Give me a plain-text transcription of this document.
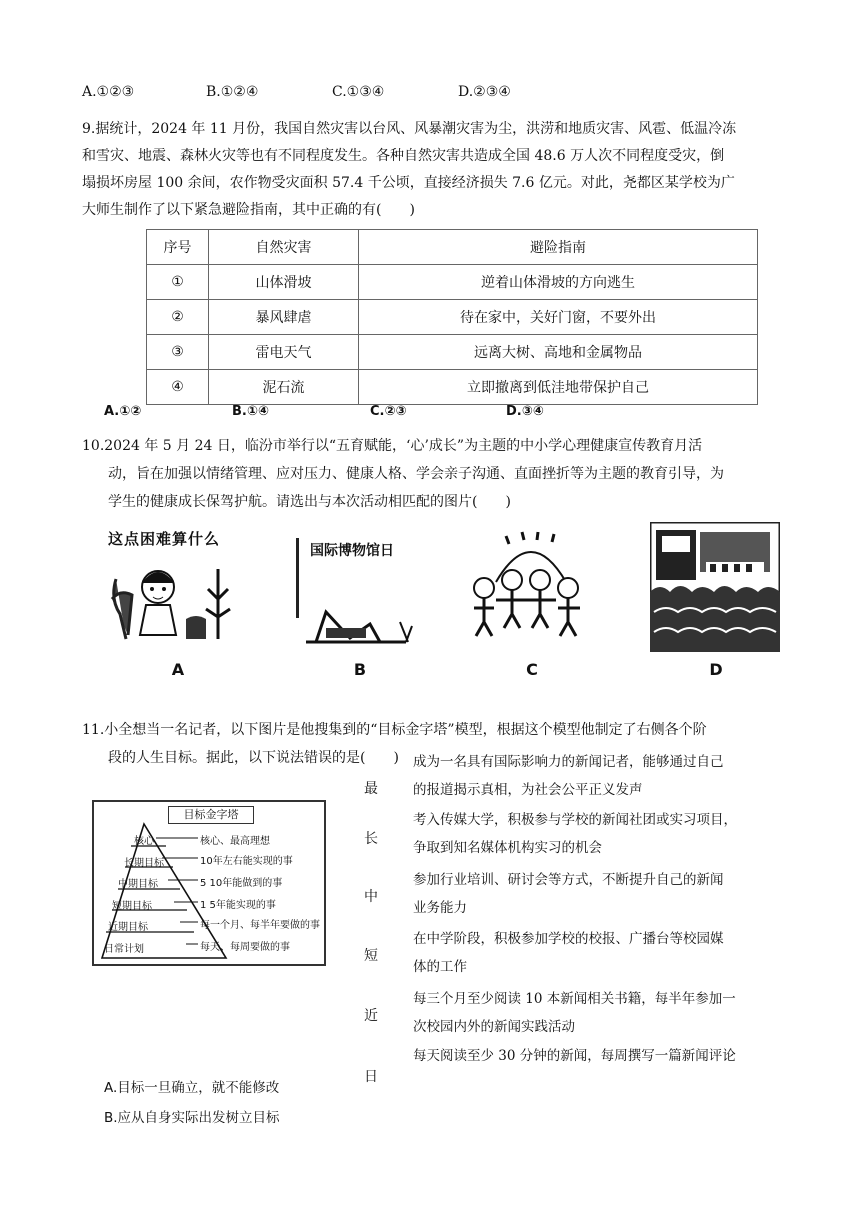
A.①②③	B.①②④	C.①③④	D.②③④
9.据统计，2024 年 11 月份，我国自然灾害以台风、风暴潮灾害为尘，洪涝和地质灾害、风雹、低温冷冻
和雪灾、地震、森林火灾等也有不同程度发生。各种自然灾害共造成全国 48.6 万人次不同程度受灾，倒
塌损坏房屋 100 余间，农作物受灾面积 57.4 千公顷，直接经济损失 7.6 亿元。对此，尧都区某学校为广
大师生制作了以下紧急避险指南，其中正确的有(　　)
序号	自然灾害	避险指南
①	山体滑坡	逆着山体滑坡的方向逃生
②	暴风肆虐	待在家中，关好门窗，不要外出
③	雷电天气	远离大树、高地和金属物品
④	泥石流	立即撤离到低洼地带保护自己
A.①②	B.①④	C.②③	D.③④
10.2024 年 5 月 24 日，临汾市举行以“五育赋能，‘心’成长”为主题的中小学心理健康宣传教育月活
动，旨在加强以情绪管理、应对压力、健康人格、学会亲子沟通、直面挫折等为主题的教育引导，为
学生的健康成长保驾护航。请选出与本次活动相匹配的图片(　　)
这点困难算什么
A
国际博物馆日
B	C	D
11.小全想当一名记者，以下图片是他搜集到的“目标金字塔”模型，根据这个模型他制定了右侧各个阶
段的人生目标。据此，以下说法错误的是(　　)
目标金字塔
核心
长期目标
中期目标
短期目标
近期目标
日常计划
核心、最高理想
10年左右能实现的事
5 10年能做到的事
1 5年能实现的事
每一个月、每半年要做的事
每天、每周要做的事
最
长
中
短
近
日
成为一名具有国际影响力的新闻记者，能够通过自己
的报道揭示真相，为社会公平正义发声
考入传媒大学，积极参与学校的新闻社团或实习项目，
争取到知名媒体机构实习的机会
参加行业培训、研讨会等方式，不断提升自己的新闻
业务能力
在中学阶段，积极参加学校的校报、广播台等校园媒
体的工作
每三个月至少阅读 10 本新闻相关书籍，每半年参加一
次校园内外的新闻实践活动
每天阅读至少 30 分钟的新闻，每周撰写一篇新闻评论
A.目标一旦确立，就不能修改
B.应从自身实际出发树立目标
